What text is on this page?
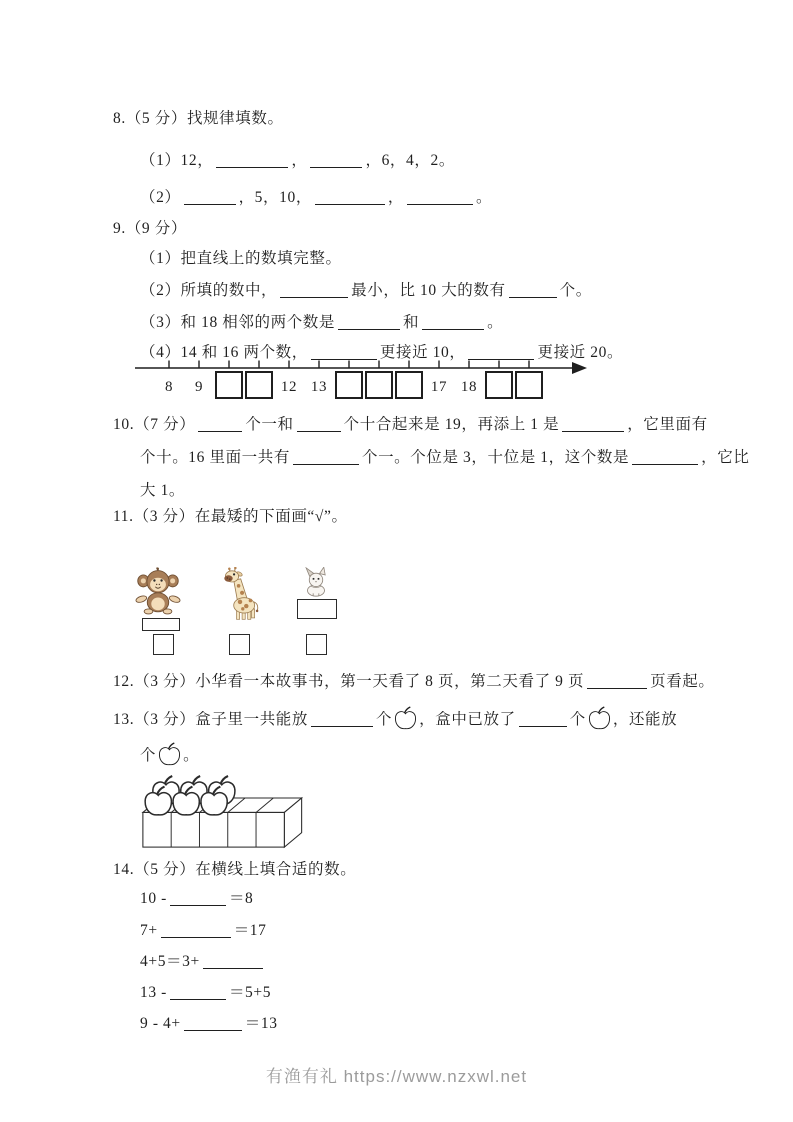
8.（5 分）找规律填数。
（1）12，	，	，6，4，2。
（2）	，5，10，	，	。
9.（9 分）
（1）把直线上的数填完整。
（2）所填的数中，	最小，比 10 大的数有	个。
（3）和 18 相邻的两个数是	和	。
（4）14 和 16 两个数，	更接近 10，	更接近 20。
8 9	12 13	17 18
10.（7 分）	个一和	个十合起来是 19，再添上 1 是	，它里面有
个十。16 里面一共有	个一。个位是 3，十位是 1，这个数是	，它比
大 1。
11.（3 分）在最矮的下面画“√”。
12.（3 分）小华看一本故事书，第一天看了 8 页，第二天看了 9 页	页看起。
13.（3 分）盒子里一共能放	个 ，盒中已放了	个 ，还能放
个 。
14.（5 分）在横线上填合适的数。
10 -	＝8
7+	＝17
4+5＝3+
13 -	＝5+5
9 - 4+	＝13
有渔有礼 https://www.nzxwl.net
